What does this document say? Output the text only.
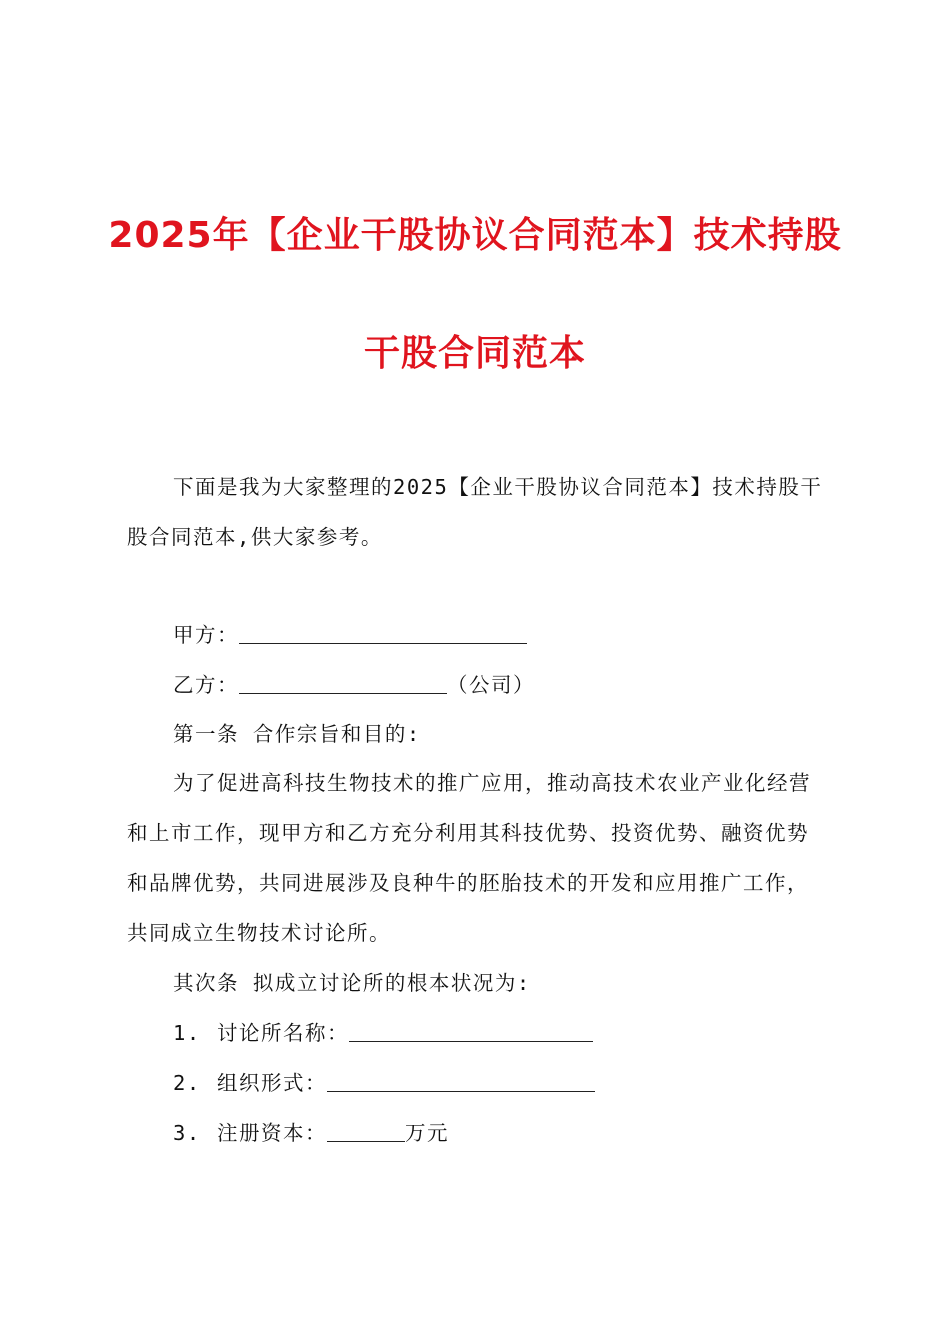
2025年【企业干股协议合同范本】技术持股
干股合同范本
下面是我为大家整理的2025【企业干股协议合同范本】技术持股干
股合同范本,供大家参考。
甲方：
乙方：	（公司）
第一条 合作宗旨和目的:
为了促进高科技生物技术的推广应用，推动高技术农业产业化经营
和上市工作，现甲方和乙方充分利用其科技优势、投资优势、融资优势
和品牌优势，共同进展涉及良种牛的胚胎技术的开发和应用推广工作，
共同成立生物技术讨论所。
其次条 拟成立讨论所的根本状况为:
1. 讨论所名称：
2. 组织形式：
3. 注册资本：	万元
